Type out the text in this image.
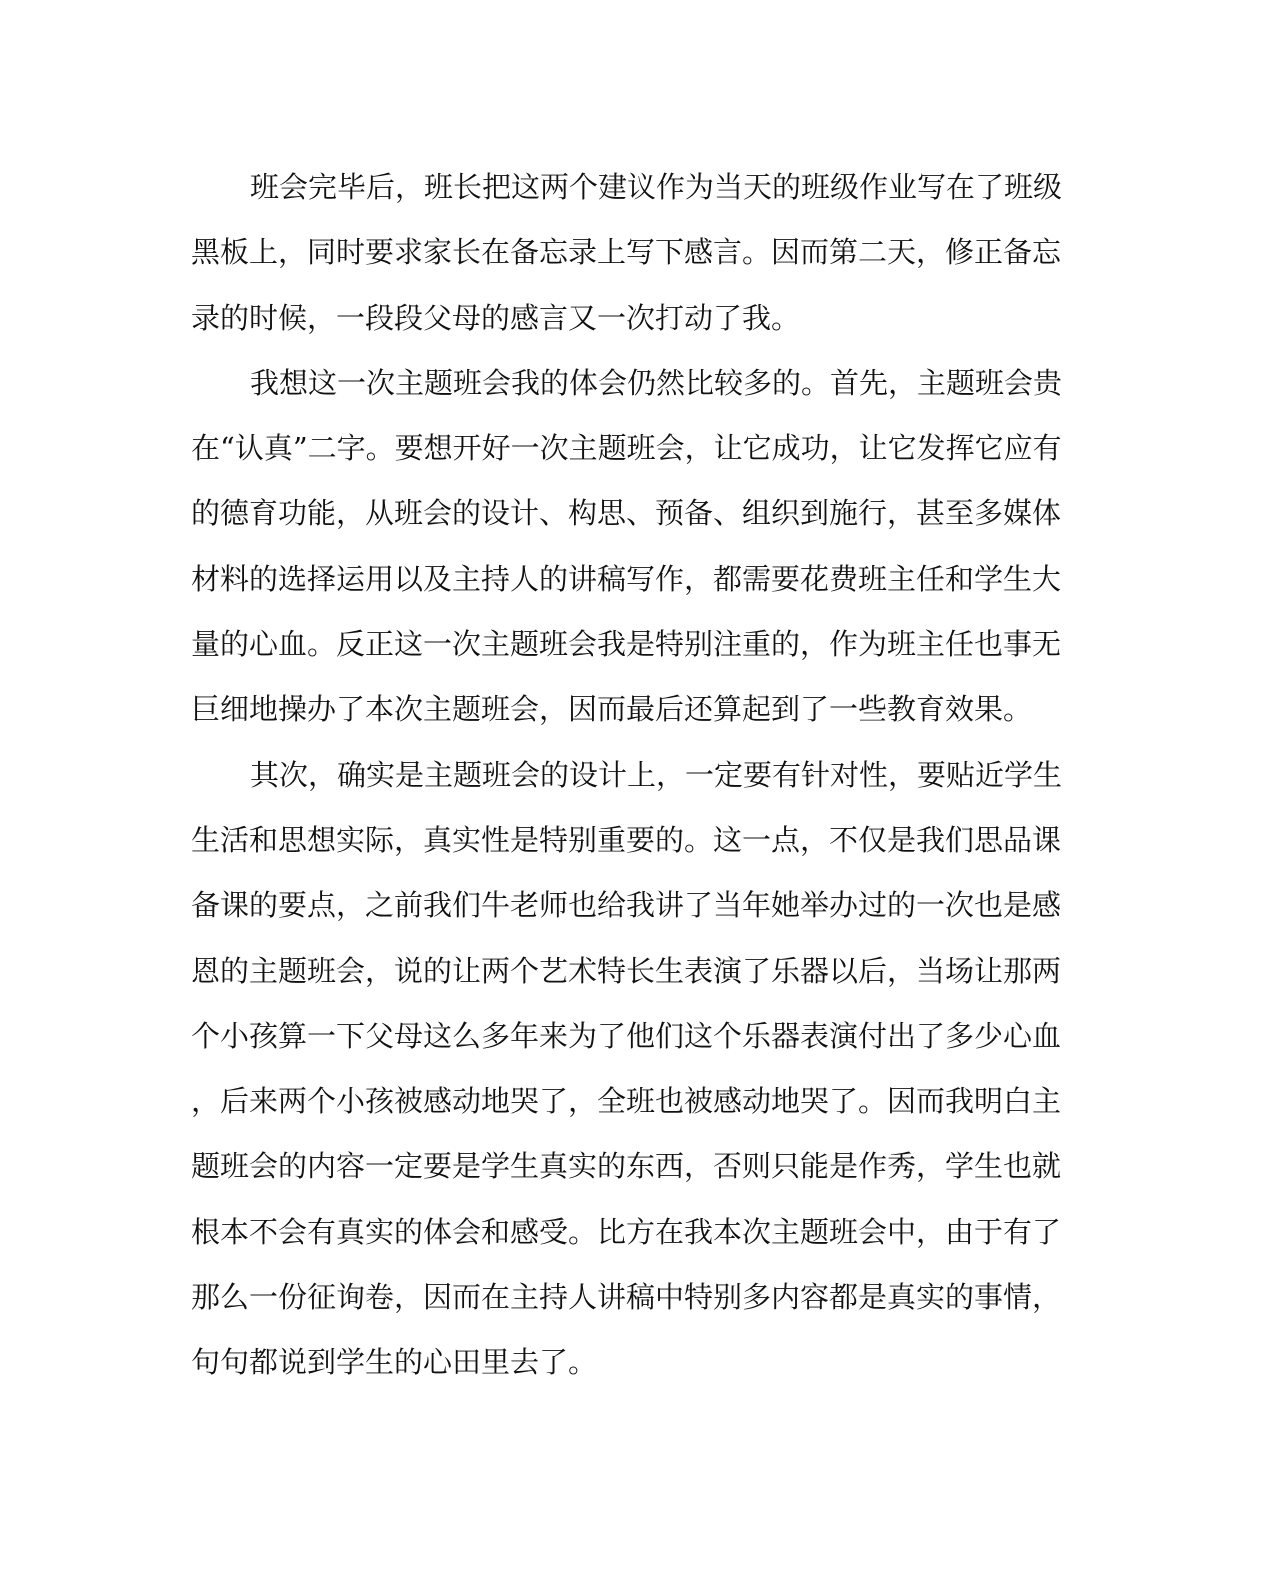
班会完毕后，班长把这两个建议作为当天的班级作业写在了班级
黑板上，同时要求家长在备忘录上写下感言。因而第二天，修正备忘
录的时候，一段段父母的感言又一次打动了我。
我想这一次主题班会我的体会仍然比较多的。首先，主题班会贵
在“认真”二字。要想开好一次主题班会，让它成功，让它发挥它应有
的德育功能，从班会的设计、构思、预备、组织到施行，甚至多媒体
材料的选择运用以及主持人的讲稿写作，都需要花费班主任和学生大
量的心血。反正这一次主题班会我是特别注重的，作为班主任也事无
巨细地操办了本次主题班会，因而最后还算起到了一些教育效果。
其次，确实是主题班会的设计上，一定要有针对性，要贴近学生
生活和思想实际，真实性是特别重要的。这一点，不仅是我们思品课
备课的要点，之前我们牛老师也给我讲了当年她举办过的一次也是感
恩的主题班会，说的让两个艺术特长生表演了乐器以后，当场让那两
个小孩算一下父母这么多年来为了他们这个乐器表演付出了多少心血
，后来两个小孩被感动地哭了，全班也被感动地哭了。因而我明白主
题班会的内容一定要是学生真实的东西，否则只能是作秀，学生也就
根本不会有真实的体会和感受。比方在我本次主题班会中，由于有了
那么一份征询卷，因而在主持人讲稿中特别多内容都是真实的事情，
句句都说到学生的心田里去了。
